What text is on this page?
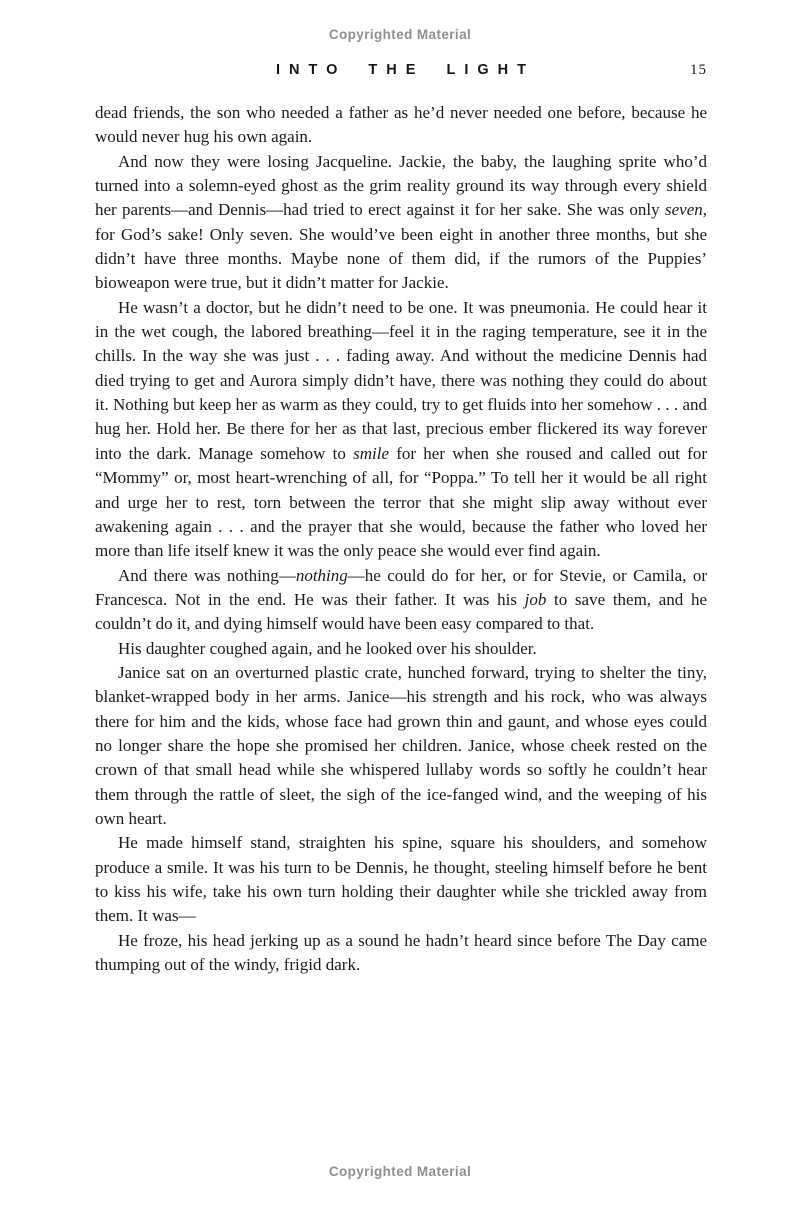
Copyrighted Material
INTO THE LIGHT	15

dead friends, the son who needed a father as he’d never needed one before, because he would never hug his own again.

And now they were losing Jacqueline. Jackie, the baby, the laughing sprite who’d turned into a solemn-eyed ghost as the grim reality ground its way through every shield her parents—and Dennis—had tried to erect against it for her sake. She was only seven, for God’s sake! Only seven. She would’ve been eight in another three months, but she didn’t have three months. Maybe none of them did, if the rumors of the Puppies’ bioweapon were true, but it didn’t matter for Jackie.

He wasn’t a doctor, but he didn’t need to be one. It was pneumonia. He could hear it in the wet cough, the labored breathing—feel it in the raging temperature, see it in the chills. In the way she was just . . . fading away. And without the medicine Dennis had died trying to get and Aurora simply didn’t have, there was nothing they could do about it. Nothing but keep her as warm as they could, try to get fluids into her somehow . . . and hug her. Hold her. Be there for her as that last, precious ember flickered its way forever into the dark. Manage somehow to smile for her when she roused and called out for “Mommy” or, most heart-wrenching of all, for “Poppa.” To tell her it would be all right and urge her to rest, torn between the terror that she might slip away without ever awakening again . . . and the prayer that she would, because the father who loved her more than life itself knew it was the only peace she would ever find again.

And there was nothing—nothing—he could do for her, or for Stevie, or Camila, or Francesca. Not in the end. He was their father. It was his job to save them, and he couldn’t do it, and dying himself would have been easy compared to that.

His daughter coughed again, and he looked over his shoulder.

Janice sat on an overturned plastic crate, hunched forward, trying to shelter the tiny, blanket-wrapped body in her arms. Janice—his strength and his rock, who was always there for him and the kids, whose face had grown thin and gaunt, and whose eyes could no longer share the hope she promised her children. Janice, whose cheek rested on the crown of that small head while she whispered lullaby words so softly he couldn’t hear them through the rattle of sleet, the sigh of the ice-fanged wind, and the weeping of his own heart.

He made himself stand, straighten his spine, square his shoulders, and somehow produce a smile. It was his turn to be Dennis, he thought, steeling himself before he bent to kiss his wife, take his own turn holding their daughter while she trickled away from them. It was—

He froze, his head jerking up as a sound he hadn’t heard since before The Day came thumping out of the windy, frigid dark.

Copyrighted Material
